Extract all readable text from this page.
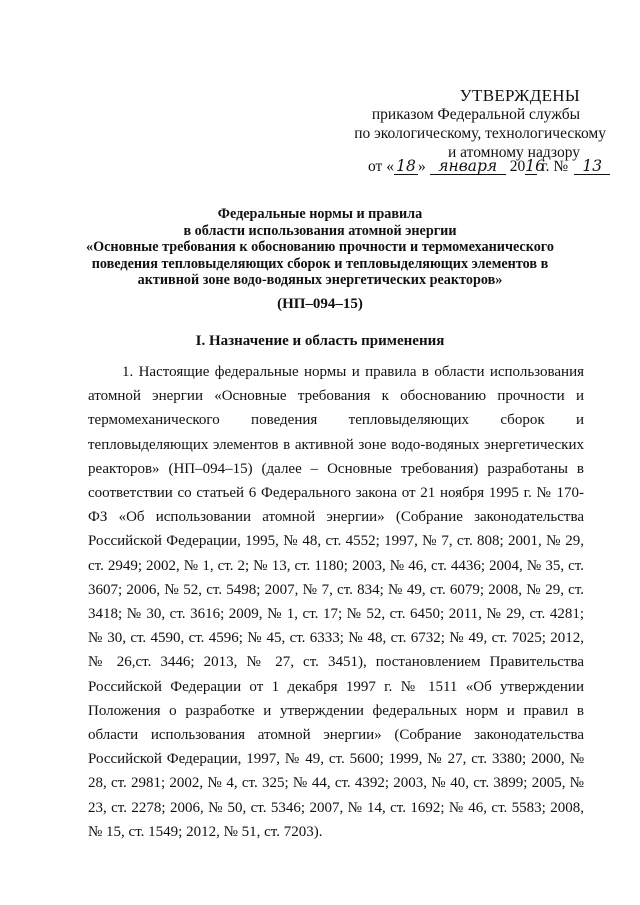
УТВЕРЖДЕНЫ
приказом Федеральной службы
по экологическому, технологическому
и атомному надзору
от « 18 » января 2016 г. № 13
Федеральные нормы и правила
в области использования атомной энергии
«Основные требования к обоснованию прочности и термомеханического
поведения тепловыделяющих сборок и тепловыделяющих элементов в
активной зоне водо-водяных энергетических реакторов»
(НП–094–15)
I. Назначение и область применения
1. Настоящие федеральные нормы и правила в области использования атомной энергии «Основные требования к обоснованию прочности и термомеханического поведения тепловыделяющих сборок и тепловыделяющих элементов в активной зоне водо-водяных энергетических реакторов» (НП–094–15) (далее – Основные требования) разработаны в соответствии со статьей 6 Федерального закона от 21 ноября 1995 г. № 170-ФЗ «Об использовании атомной энергии» (Собрание законодательства Российской Федерации, 1995, № 48, ст. 4552; 1997, № 7, ст. 808; 2001, № 29, ст. 2949; 2002, № 1, ст. 2; № 13, ст. 1180; 2003, № 46, ст. 4436; 2004, № 35, ст. 3607; 2006, № 52, ст. 5498; 2007, № 7, ст. 834; № 49, ст. 6079; 2008, № 29, ст. 3418; № 30, ст. 3616; 2009, № 1, ст. 17; № 52, ст. 6450; 2011, № 29, ст. 4281; № 30, ст. 4590, ст. 4596; № 45, ст. 6333; № 48, ст. 6732; № 49, ст. 7025; 2012, № 26,ст. 3446; 2013, № 27, ст. 3451), постановлением Правительства Российской Федерации от 1 декабря 1997 г. № 1511 «Об утверждении Положения о разработке и утверждении федеральных норм и правил в области использования атомной энергии» (Собрание законодательства Российской Федерации, 1997, № 49, ст. 5600; 1999, № 27, ст. 3380; 2000, № 28, ст. 2981; 2002, № 4, ст. 325; № 44, ст. 4392; 2003, № 40, ст. 3899; 2005, № 23, ст. 2278; 2006, № 50, ст. 5346; 2007, № 14, ст. 1692; № 46, ст. 5583; 2008, № 15, ст. 1549; 2012, № 51, ст. 7203).
